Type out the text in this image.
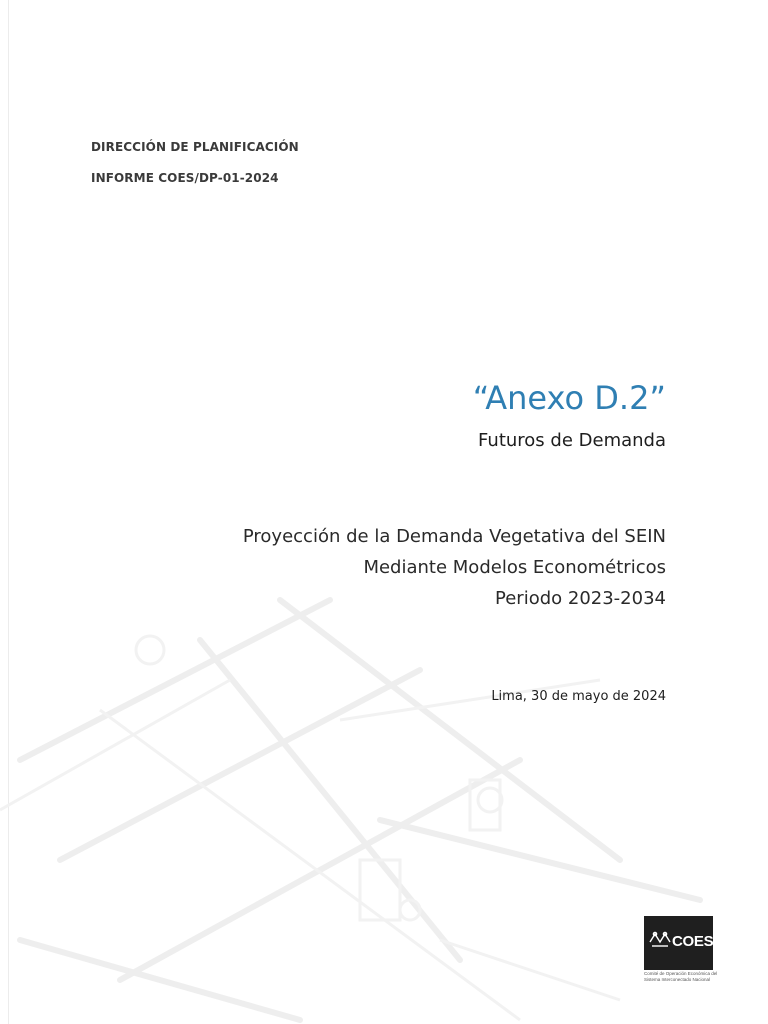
DIRECCIÓN DE PLANIFICACIÓN
INFORME COES/DP-01-2024
“Anexo D.2”
Futuros de Demanda
Proyección de la Demanda Vegetativa del SEIN
Mediante Modelos Econométricos
Periodo 2023-2034
Lima, 30 de mayo de 2024
COES
Comité de Operación Económica del
Sistema Interconectado Nacional
